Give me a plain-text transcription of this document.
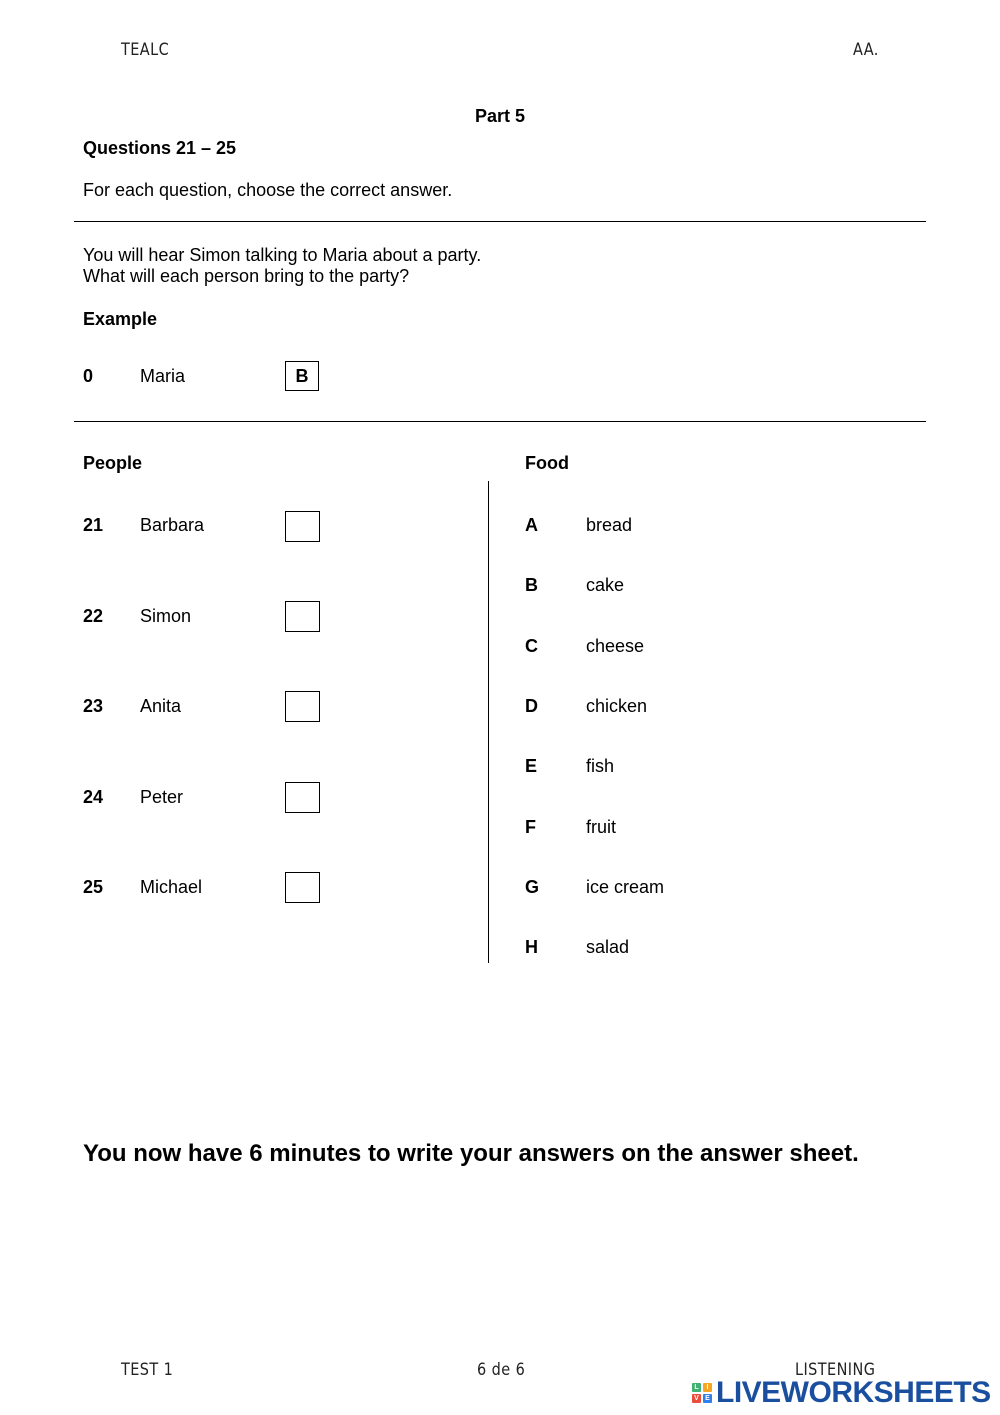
TEALC	AA.
Part 5
Questions 21 – 25
For each question, choose the correct answer.
You will hear Simon talking to Maria about a party.
What will each person bring to the party?
Example
0	Maria	B
People	Food
21 Barbara
22 Simon
23 Anita
24 Peter
25 Michael
A	bread
B	cake
C	cheese
D	chicken
E	fish
F	fruit
G	ice cream
H	salad
You now have 6 minutes to write your answers on the answer sheet.
TEST 1	6 de 6	LISTENING
L	I
V E LIVEWORKSHEETS
